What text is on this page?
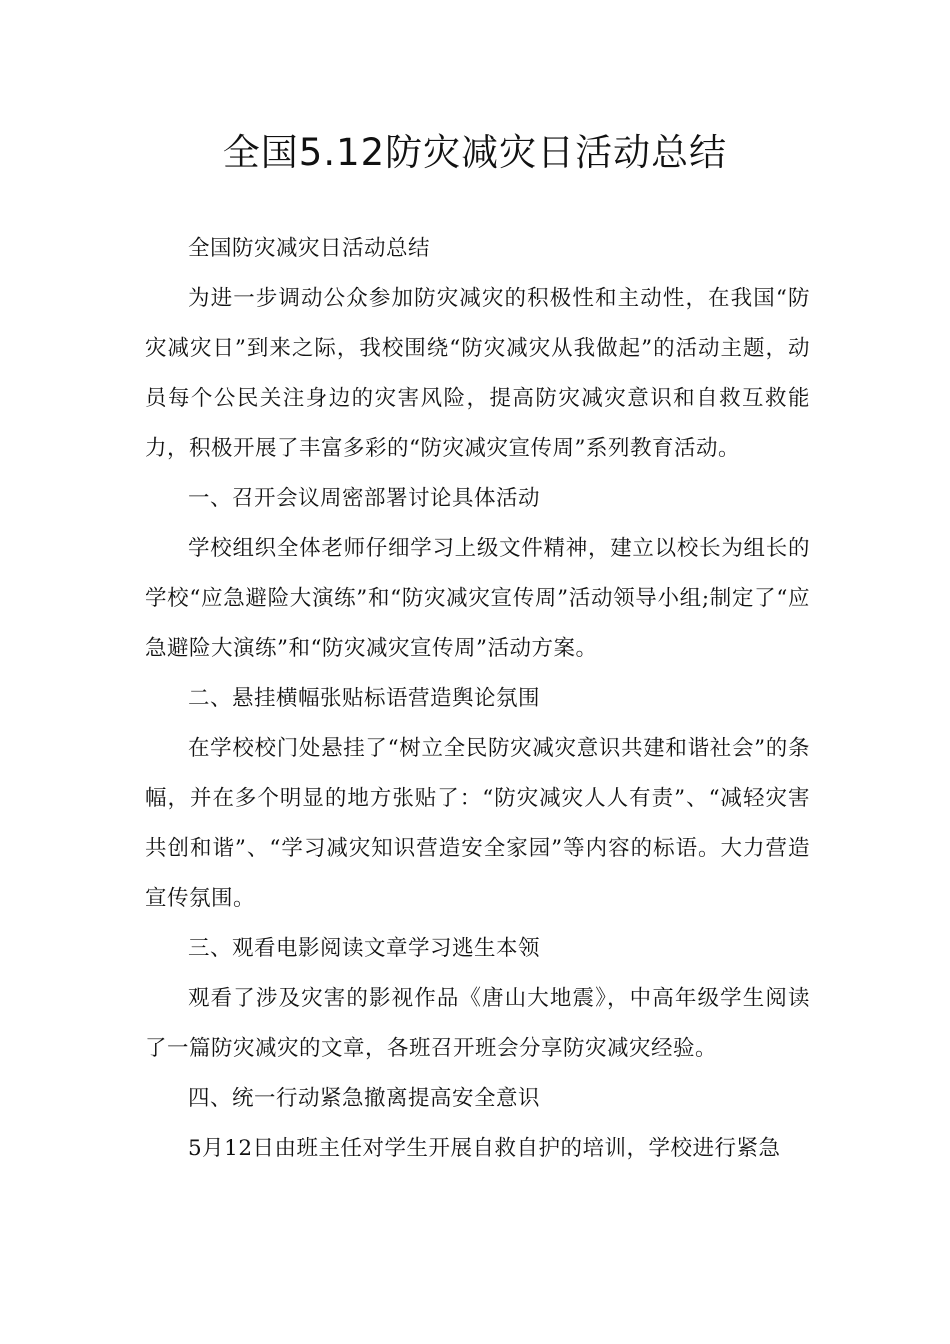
全国5.12防灾减灾日活动总结

全国防灾减灾日活动总结

为进一步调动公众参加防灾减灾的积极性和主动性，在我国“防灾减灾日”到来之际，我校围绕“防灾减灾从我做起”的活动主题，动员每个公民关注身边的灾害风险，提高防灾减灾意识和自救互救能力，积极开展了丰富多彩的“防灾减灾宣传周”系列教育活动。

一、召开会议周密部署讨论具体活动

学校组织全体老师仔细学习上级文件精神，建立以校长为组长的学校“应急避险大演练”和“防灾减灾宣传周”活动领导小组;制定了“应急避险大演练”和“防灾减灾宣传周”活动方案。

二、悬挂横幅张贴标语营造舆论氛围

在学校校门处悬挂了“树立全民防灾减灾意识共建和谐社会”的条幅，并在多个明显的地方张贴了：“防灾减灾人人有责”、“减轻灾害共创和谐”、“学习减灾知识营造安全家园”等内容的标语。大力营造宣传氛围。

三、观看电影阅读文章学习逃生本领

观看了涉及灾害的影视作品《唐山大地震》，中高年级学生阅读了一篇防灾减灾的文章，各班召开班会分享防灾减灾经验。

四、统一行动紧急撤离提高安全意识

5月12日由班主任对学生开展自救自护的培训，学校进行紧急
